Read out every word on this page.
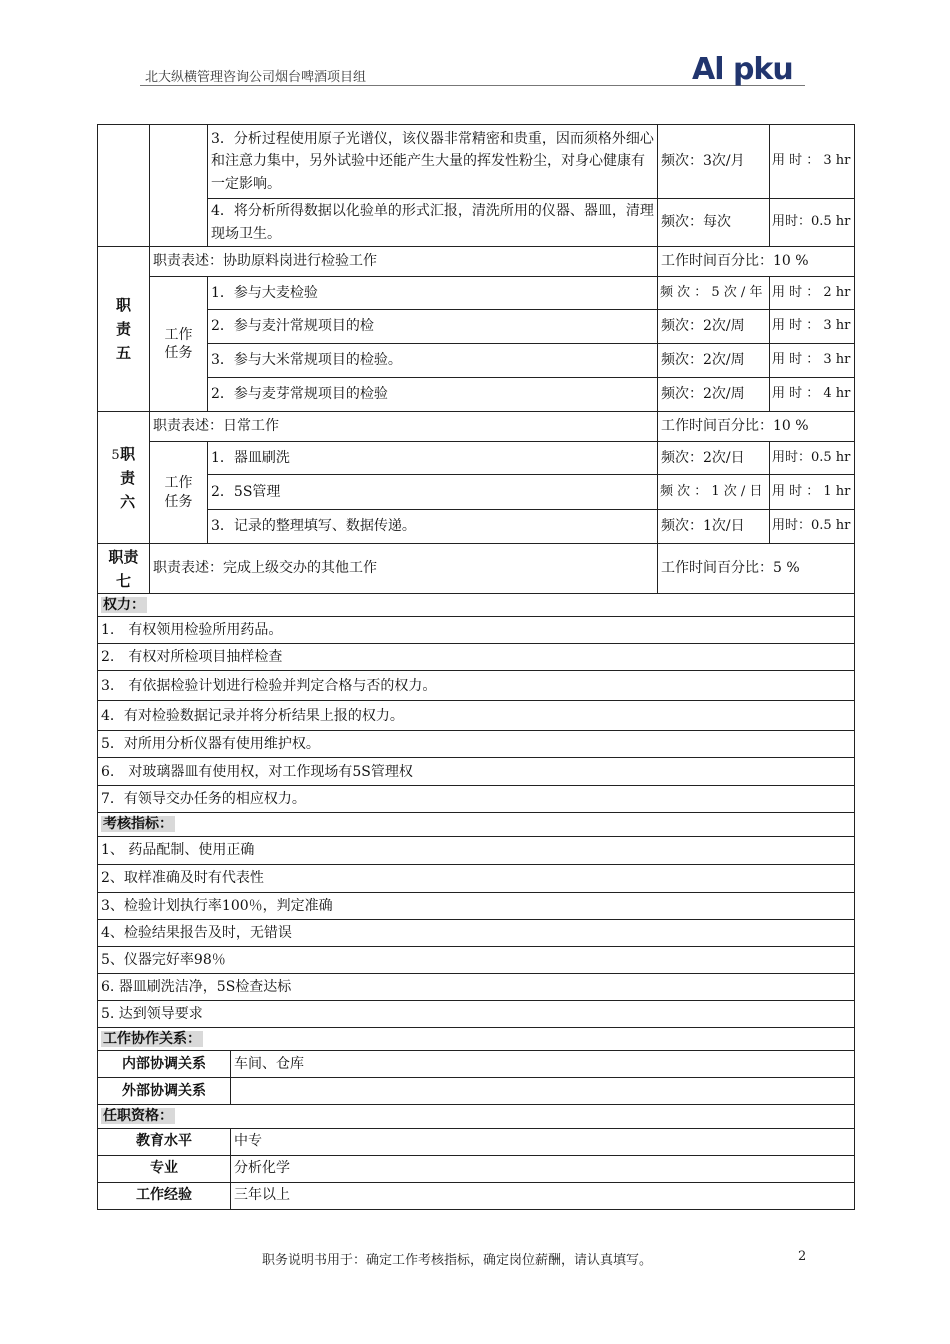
北大纵横管理咨询公司烟台啤酒项目组	Al pku
		3．分析过程使用原子光谱仪，该仪器非常精密和贵重，因而须格外细心和注意力集中，另外试验中还能产生大量的挥发性粉尘，对身心健康有一定影响。		频次：3次/月	用 时 ： 3 hr
		4．将分析所得数据以化验单的形式汇报，清洗所用的仪器、器皿，清理现场卫生。		频次：每次	用时：0.5 hr
职责五	职责表述：协助原料岗进行检验工作			工作时间百分比：10 %	
	工作任务	1．参与大麦检验		频 次 ： 5 次 / 年	用 时 ： 2 hr
		2．参与麦汁常规项目的检		频次：2次/周	用 时 ： 3 hr
		3．参与大米常规项目的检验。		频次：2次/周	用 时 ： 3 hr
		2．参与麦芽常规项目的检验		频次：2次/周	用 时 ： 4 hr
5职责六	职责表述：日常工作			工作时间百分比：10 %	
	工作任务	1．器皿刷洗		频次：2次/日	用时：0.5 hr
		2．5S管理		频 次 ： 1 次 / 日	用 时 ： 1 hr
		3．记录的整理填写、数据传递。		频次：1次/日	用时：0.5 hr
职责七	职责表述：完成上级交办的其他工作			工作时间百分比：5 %	
权力：					
1.　有权领用检验所用药品。					
2.　有权对所检项目抽样检查					
3.　有依据检验计划进行检验并判定合格与否的权力。					
4．有对检验数据记录并将分析结果上报的权力。					
5．对所用分析仪器有使用维护权。					
6.　对玻璃器皿有使用权，对工作现场有5S管理权					
7．有领导交办任务的相应权力。					
考核指标：					
1、 药品配制、使用正确					
2、取样准确及时有代表性					
3、检验计划执行率100％，判定准确					
4、检验结果报告及时，无错误					
5、仪器完好率98％					
6. 器皿刷洗洁净，5S检查达标					
5. 达到领导要求					
工作协作关系：					
内部协调关系			车间、仓库		
外部协调关系					
任职资格：					
教育水平			中专		
专业			分析化学		
工作经验			三年以上		
职务说明书用于：确定工作考核指标，确定岗位薪酬，请认真填写。	2
